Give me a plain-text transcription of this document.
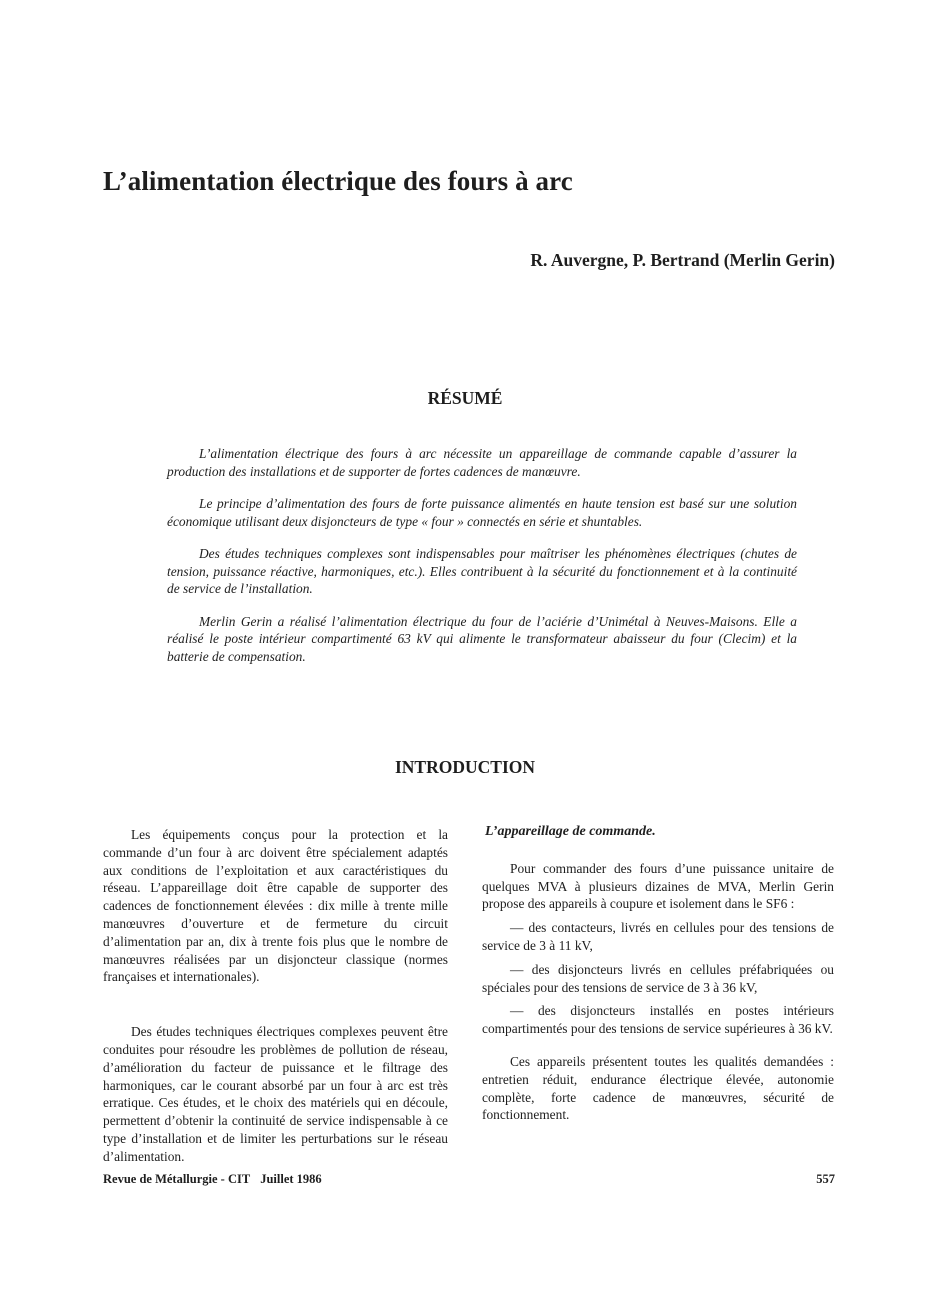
L’alimentation électrique des fours à arc
R. Auvergne, P. Bertrand (Merlin Gerin)
RÉSUMÉ

L’alimentation électrique des fours à arc nécessite un appareillage de commande capable d’assurer la production des installations et de supporter de fortes cadences de manœuvre.

Le principe d’alimentation des fours de forte puissance alimentés en haute tension est basé sur une solution économique utilisant deux disjoncteurs de type « four » connectés en série et shuntables.

Des études techniques complexes sont indispensables pour maîtriser les phénomènes électriques (chutes de tension, puissance réactive, harmoniques, etc.). Elles contribuent à la sécurité du fonctionnement et à la continuité de service de l’installation.

Merlin Gerin a réalisé l’alimentation électrique du four de l’aciérie d’Unimétal à Neuves-Maisons. Elle a réalisé le poste intérieur compartimenté 63 kV qui alimente le transformateur abaisseur du four (Clecim) et la batterie de compensation.

INTRODUCTION

Les équipements conçus pour la protection et la commande d’un four à arc doivent être spécialement adaptés aux conditions de l’exploitation et aux caractéristiques du réseau. L’appareillage doit être capable de supporter des cadences de fonctionnement élevées : dix mille à trente mille manœuvres d’ouverture et de fermeture du circuit d’alimentation par an, dix à trente fois plus que le nombre de manœuvres réalisées par un disjoncteur classique (normes françaises et internationales).

Des études techniques électriques complexes peuvent être conduites pour résoudre les problèmes de pollution de réseau, d’amélioration du facteur de puissance et le filtrage des harmoniques, car le courant absorbé par un four à arc est très erratique. Ces études, et le choix des matériels qui en découle, permettent d’obtenir la continuité de service indispensable à ce type d’installation et de limiter les perturbations sur le réseau d’alimentation.

L’appareillage de commande.

Pour commander des fours d’une puissance unitaire de quelques MVA à plusieurs dizaines de MVA, Merlin Gerin propose des appareils à coupure et isolement dans le SF6 :

— des contacteurs, livrés en cellules pour des tensions de service de 3 à 11 kV,
— des disjoncteurs livrés en cellules préfabriquées ou spéciales pour des tensions de service de 3 à 36 kV,
— des disjoncteurs installés en postes intérieurs compartimentés pour des tensions de service supérieures à 36 kV.

Ces appareils présentent toutes les qualités demandées : entretien réduit, endurance électrique élevée, autonomie complète, forte cadence de manœuvres, sécurité de fonctionnement.

Revue de Métallurgie - CIT Juillet 1986	557
